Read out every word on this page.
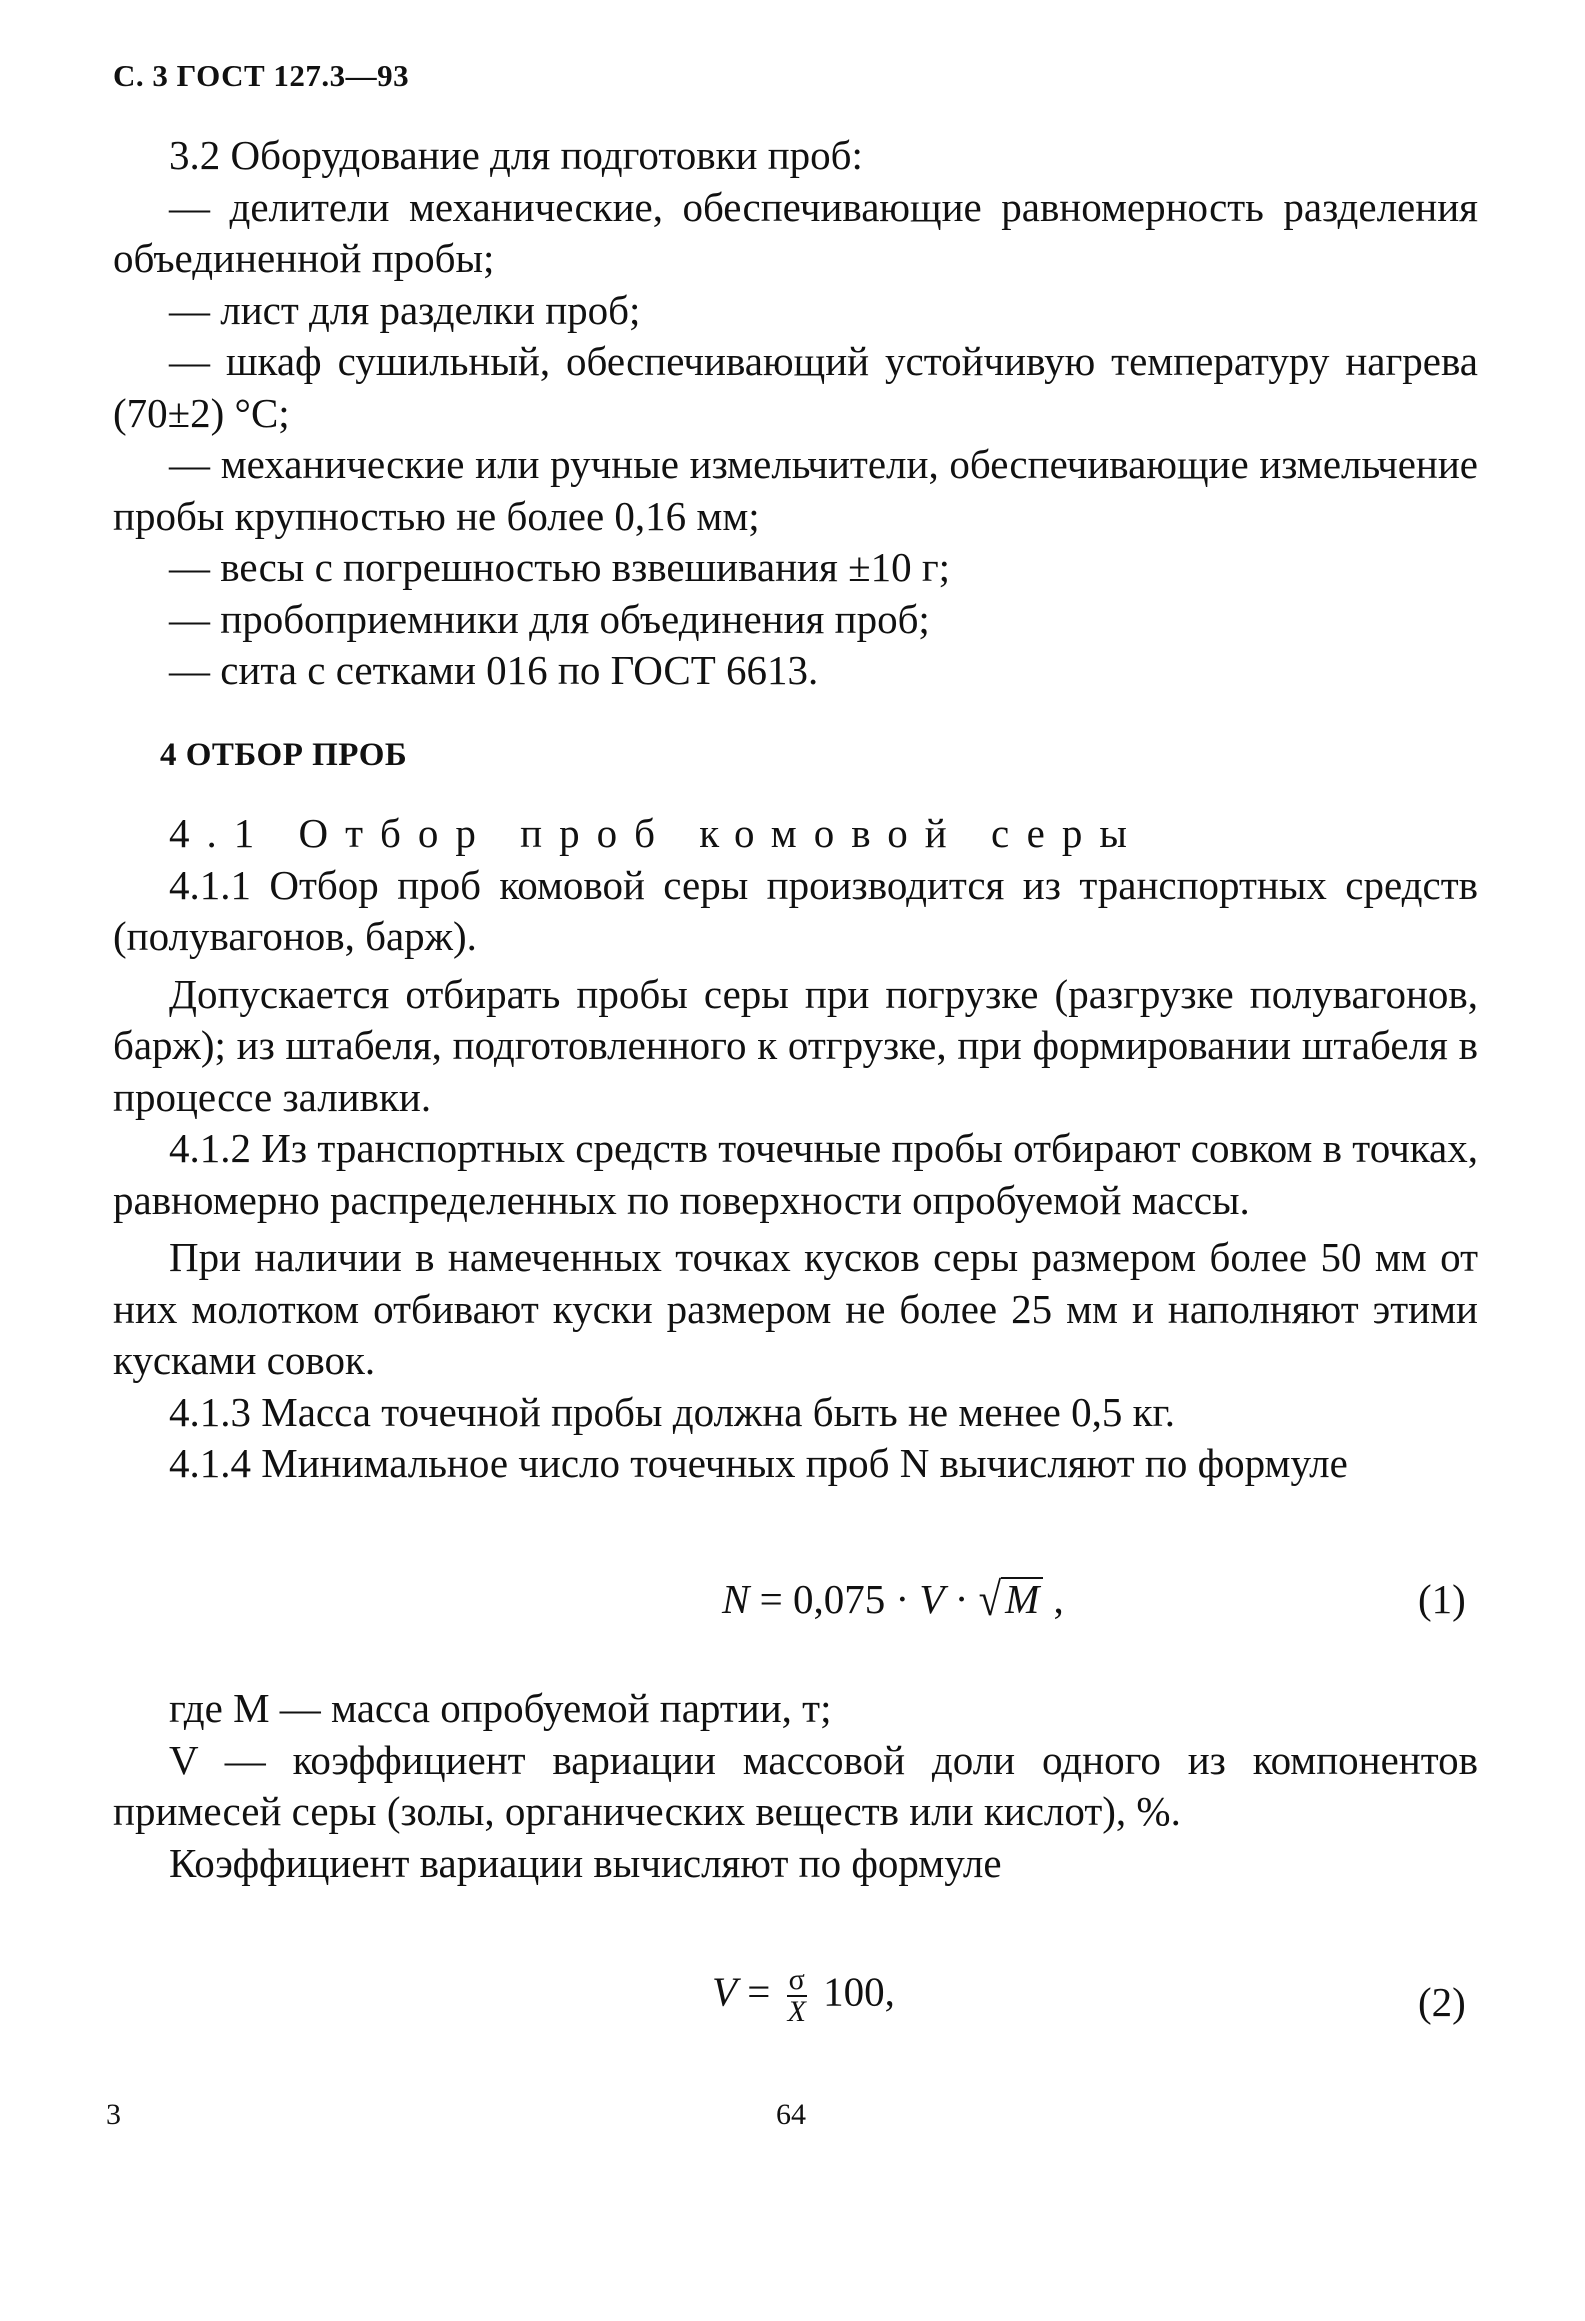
С. 3 ГОСТ 127.3—93

3.2 Оборудование для подготовки проб:

— делители механические, обеспечивающие равномерность разделения объединенной пробы;

— лист для разделки проб;

— шкаф сушильный, обеспечивающий устойчивую температуру нагрева (70±2) °С;

— механические или ручные измельчители, обеспечивающие измельчение пробы крупностью не более 0,16 мм;

— весы с погрешностью взвешивания ±10 г;

— пробоприемники для объединения проб;

— сита с сетками 016 по ГОСТ 6613.

4 ОТБОР ПРОБ

4.1 Отбор проб комовой серы

4.1.1 Отбор проб комовой серы производится из транспортных средств (полувагонов, барж).

Допускается отбирать пробы серы при погрузке (разгрузке полувагонов, барж); из штабеля, подготовленного к отгрузке, при формировании штабеля в процессе заливки.

4.1.2 Из транспортных средств точечные пробы отбирают совком в точках, равномерно распределенных по поверхности опробуемой массы.

При наличии в намеченных точках кусков серы размером более 50 мм от них молотком отбивают куски размером не более 25 мм и наполняют этими кусками совок.

4.1.3 Масса точечной пробы должна быть не менее 0,5 кг.

4.1.4 Минимальное число точечных проб N вычисляют по формуле

N = 0,075 · V · √M ,	(1)

где M — масса опробуемой партии, т;

V — коэффициент вариации массовой доли одного из компонентов примесей серы (золы, органических веществ или кислот), %.

Коэффициент вариации вычисляют по формуле

$V = \frac{\sigma}{X} 100$,	(2)
3	64
